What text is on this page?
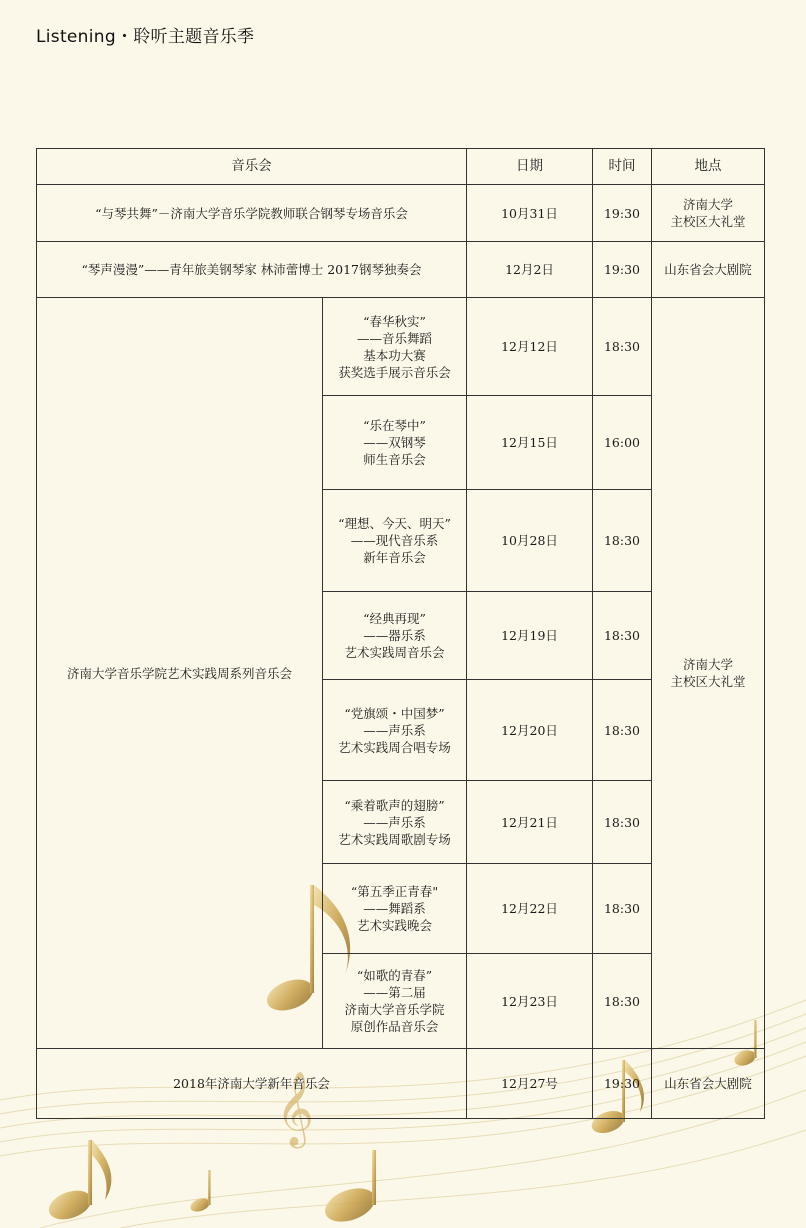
𝄞
Listening・聆听主题音乐季
音乐会		日期	时间	地点
“与琴共舞”－济南大学音乐学院教师联合钢琴专场音乐会		10月31日	19:30	济南大学
主校区大礼堂
“琴声漫漫”——青年旅美钢琴家 林沛蕾博士 2017钢琴独奏会		12月2日	19:30	山东省会大剧院
济南大学音乐学院艺术实践周系列音乐会	“春华秋实”
——音乐舞蹈
基本功大赛
获奖选手展示音乐会	12月12日	18:30	济南大学
主校区大礼堂
	“乐在琴中”
——双钢琴
师生音乐会	12月15日	16:00	
	“理想、今天、明天”
——现代音乐系
新年音乐会	10月28日	18:30	
	“经典再现”
——器乐系
艺术实践周音乐会	12月19日	18:30	
	“党旗颂・中国梦”
——声乐系
艺术实践周合唱专场	12月20日	18:30	
	“乘着歌声的翅膀”
——声乐系
艺术实践周歌剧专场	12月21日	18:30	
	“第五季正青春"
——舞蹈系
艺术实践晚会	12月22日	18:30	
	“如歌的青春”
——第二届
济南大学音乐学院
原创作品音乐会	12月23日	18:30	
2018年济南大学新年音乐会		12月27号	19:30	山东省会大剧院
